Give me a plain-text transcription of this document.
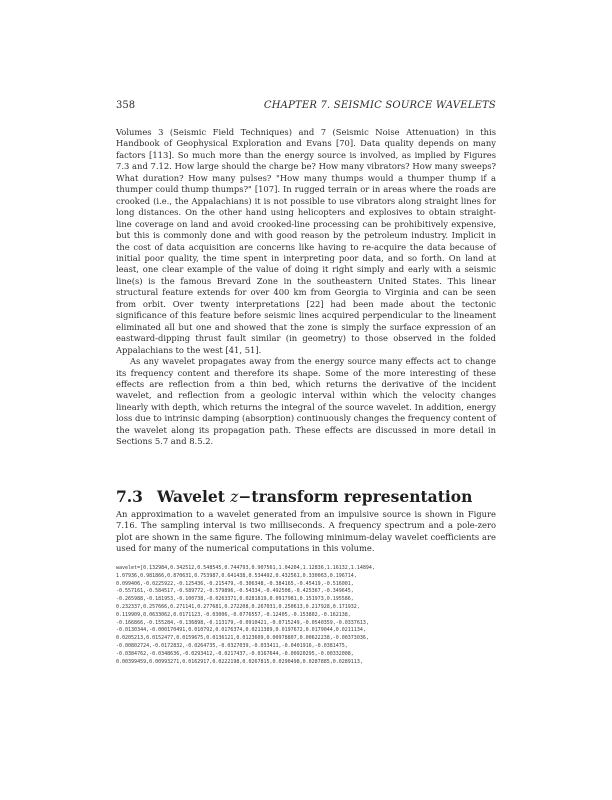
358	CHAPTER 7. SEISMIC SOURCE WAVELETS

Volumes 3 (Seismic Field Techniques) and 7 (Seismic Noise Attenuation) in this Handbook of Geophysical Exploration and Evans [70]. Data quality depends on many factors [113]. So much more than the energy source is involved, as implied by Figures 7.3 and 7.12. How large should the charge be? How many vibrators? How many sweeps? What duration? How many pulses? "How many thumps would a thumper thump if a thumper could thump thumps?" [107]. In rugged terrain or in areas where the roads are crooked (i.e., the Appalachians) it is not possible to use vibrators along straight lines for long distances. On the other hand using helicopters and explosives to obtain straight-line coverage on land and avoid crooked-line processing can be prohibitively expensive, but this is commonly done and with good reason by the petroleum industry. Implicit in the cost of data acquisition are concerns like having to re-acquire the data because of initial poor quality, the time spent in interpreting poor data, and so forth. On land at least, one clear example of the value of doing it right simply and early with a seismic line(s) is the famous Brevard Zone in the southeastern United States. This linear structural feature extends for over 400 km from Georgia to Virginia and can be seen from orbit. Over twenty interpretations [22] had been made about the tectonic significance of this feature before seismic lines acquired perpendicular to the lineament eliminated all but one and showed that the zone is simply the surface expression of an eastward-dipping thrust fault similar (in geometry) to those observed in the folded Appalachians to the west [41, 51].

As any wavelet propagates away from the energy source many effects act to change its frequency content and therefore its shape. Some of the more interesting of these effects are reflection from a thin bed, which returns the derivative of the incident wavelet, and reflection from a geologic interval within which the velocity changes linearly with depth, which returns the integral of the source wavelet. In addition, energy loss due to intrinsic damping (absorption) continuously changes the frequency content of the wavelet along its propagation path. These effects are discussed in more detail in Sections 5.7 and 8.5.2.

7.3 Wavelet z−transform representation

An approximation to a wavelet generated from an impulsive source is shown in Figure 7.16. The sampling interval is two milliseconds. A frequency spectrum and a pole-zero plot are shown in the same figure. The following minimum-delay wavelet coefficients are used for many of the numerical computations in this volume.

wavelet=[0.132984,0.342512,0.548545,0.744793,0.907561,1.04204,1.12836,1.16132,1.14894,
1.07936,0.981866,0.870631,0.753987,0.641438,0.534492,0.432561,0.330063,0.196714,
0.099406,-0.0225922,-0.125436,-0.215479,-0.306348,-0.384165,-0.45419,-0.516001,
-0.557161,-0.584517,-0.589772,-0.579896,-0.54334,-0.492508,-0.425367,-0.349645,
-0.265988,-0.181953,-0.100738,-0.0263371,0.0281819,0.0917981,0.151973,0.195586,
0.232337,0.257666,0.271141,0.277681,0.272208,0.267031,0.250613,0.217928,0.171932,
0.119909,0.0633062,0.0171123,-0.03006,-0.0776557,-0.12405,-0.153802,-0.162138,
-0.166866,-0.155284,-0.136898,-0.113179,-0.0910421,-0.0715249,-0.0540359,-0.0337613,
-0.0130344,-0.000170491,0.010792,0.0176374,0.0211389,0.0197672,0.0179044,0.0211134,
0.0205213,0.0152477,0.0159675,0.0136121,0.0123609,0.00978807,0.00622238,-0.00373036,
-0.00802724,-0.0172832,-0.0264735,-0.0327039,-0.033411,-0.0401916,-0.0381475,
-0.0384762,-0.0348636,-0.0293412,-0.0217437,-0.0167644,-0.00920295,-0.00332008,
0.00399459,0.00993271,0.0162917,0.0222198,0.0267815,0.0290498,0.0287885,0.0289113,
